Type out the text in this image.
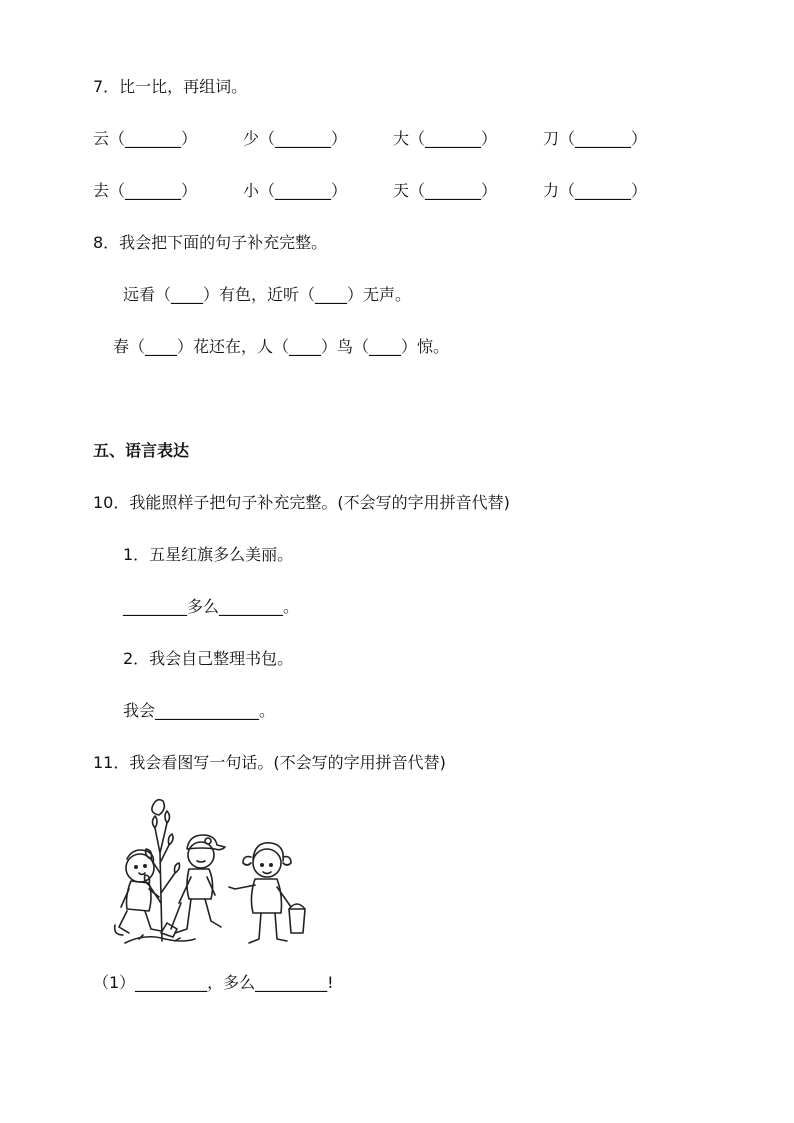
7．比一比，再组词。
云（_______）	少（_______）	大（_______）	刀（_______）
去（_______）	小（_______）	天（_______）	力（_______）
8．我会把下面的句子补充完整。
远看（____）有色，近听（____）无声。
春（____）花还在，人（____）鸟（____）惊。
五、语言表达
10．我能照样子把句子补充完整。(不会写的字用拼音代替)
1．五星红旗多么美丽。
________多么________。
2．我会自己整理书包。
我会_____________。
11．我会看图写一句话。(不会写的字用拼音代替)
（1）_________，多么_________!
